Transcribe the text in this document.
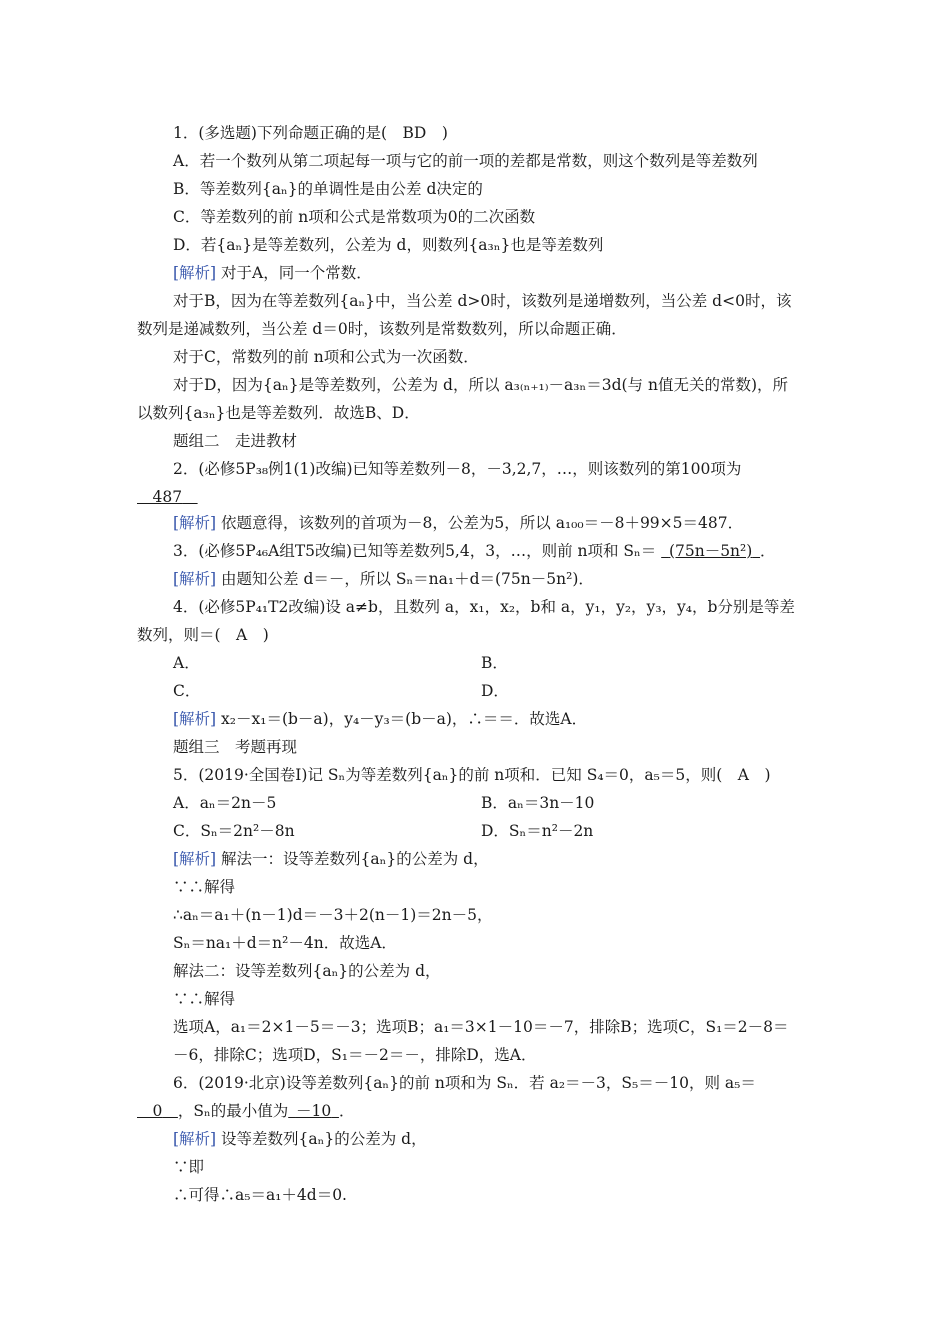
1．(多选题)下列命题正确的是(　BD　)
A．若一个数列从第二项起每一项与它的前一项的差都是常数，则这个数列是等差数列
B．等差数列{aₙ}的单调性是由公差 d决定的
C．等差数列的前 n项和公式是常数项为0的二次函数
D．若{aₙ}是等差数列，公差为 d，则数列{a₃ₙ}也是等差数列
[解析] 对于A，同一个常数．
对于B，因为在等差数列{aₙ}中，当公差 d>0时，该数列是递增数列，当公差 d<0时，该
数列是递减数列，当公差 d＝0时，该数列是常数数列，所以命题正确．
对于C，常数列的前 n项和公式为一次函数．
对于D，因为{aₙ}是等差数列，公差为 d，所以 a₃₍ₙ₊₁₎－a₃ₙ＝3d(与 n值无关的常数)，所
以数列{a₃ₙ}也是等差数列．故选B、D．
题组二　走进教材
2．(必修5P₃₈例1(1)改编)已知等差数列－8，－3,2,7，…，则该数列的第100项为
 487 
[解析] 依题意得，该数列的首项为－8，公差为5，所以 a₁₀₀＝－8＋99×5＝487．
3．(必修5P₄₆A组T5改编)已知等差数列5,4，3，…，则前 n项和 Sₙ＝   (75n－5n²)  ．
[解析] 由题知公差 d＝－，所以 Sₙ＝na₁＋d＝(75n－5n²)．
4．(必修5P₄₁T2改编)设 a≠b，且数列 a，x₁，x₂，b和 a，y₁，y₂，y₃，y₄，b分别是等差
数列，则＝(　A　)
A．	B．
C．	D．
[解析] x₂－x₁＝(b－a)，y₄－y₃＝(b－a)，∴＝＝．故选A．
题组三　考题再现
5．(2019·全国卷Ⅰ)记 Sₙ为等差数列{aₙ}的前 n项和．已知 S₄＝0，a₅＝5，则(　A　)
A．aₙ＝2n－5	B．aₙ＝3n－10
C．Sₙ＝2n²－8n	D．Sₙ＝n²－2n
[解析] 解法一：设等差数列{aₙ}的公差为 d，
∵∴解得
∴aₙ＝a₁＋(n－1)d＝－3＋2(n－1)＝2n－5，
Sₙ＝na₁＋d＝n²－4n．故选A．
解法二：设等差数列{aₙ}的公差为 d，
∵∴解得
选项A，a₁＝2×1－5＝－3；选项B；a₁＝3×1－10＝－7，排除B；选项C，S₁＝2－8＝
－6，排除C；选项D，S₁＝－2＝－，排除D，选A．
6．(2019·北京)设等差数列{aₙ}的前 n项和为 Sₙ．若 a₂＝－3，S₅＝－10，则 a₅＝
 0  ，Sₙ的最小值为  －10  ．
[解析] 设等差数列{aₙ}的公差为 d，
∵即
∴可得∴a₅＝a₁＋4d＝0.
